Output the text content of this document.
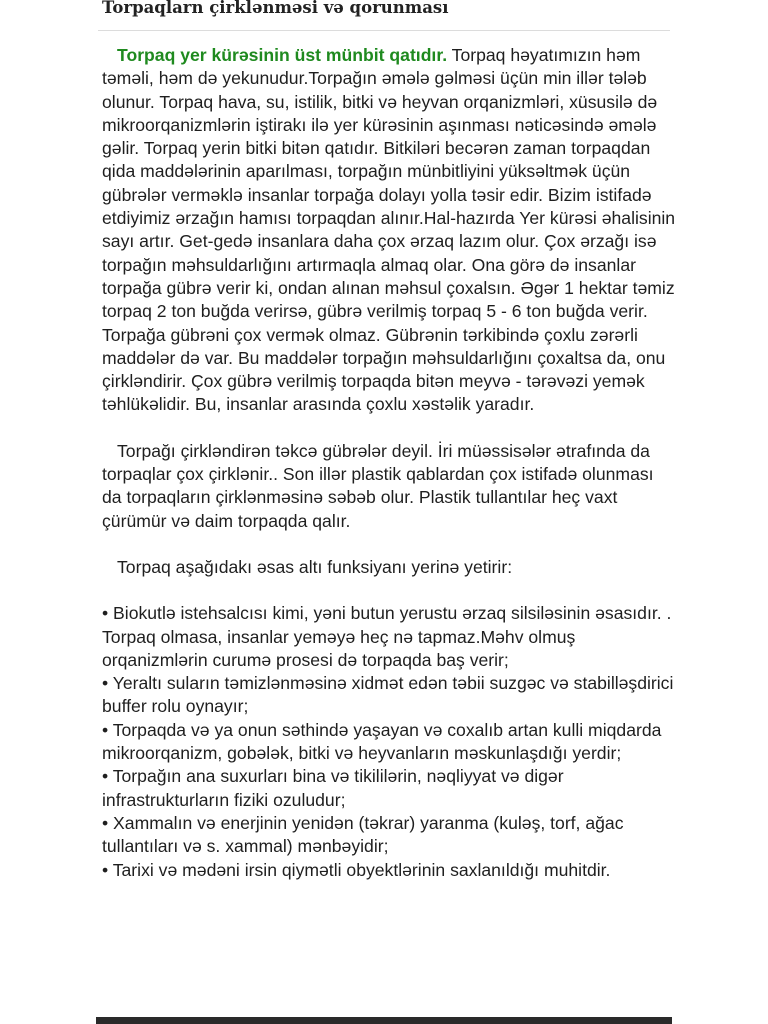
Torpaqlarn çirklənməsi və qorunması

Torpaq yer kürəsinin üst münbit qatıdır. Torpaq həyatımızın həm təməli, həm də yekunudur.Torpağın əmələ gəlməsi üçün min illər tələb olunur. Torpaq hava, su, istilik, bitki və heyvan orqanizmləri, xüsusilə də mikroorqanizmlərin iştirakı ilə yer kürəsinin aşınması nəticəsində əmələ gəlir. Torpaq yerin bitki bitən qatıdır. Bitkiləri becərən zaman torpaqdan qida maddələrinin aparılması, torpağın münbitliyini yüksəltmək üçün gübrələr verməklə insanlar torpağa dolayı yolla təsir edir. Bizim istifadə etdiyimiz ərzağın hamısı torpaqdan alınır.Hal-hazırda Yer kürəsi əhalisinin sayı artır. Get-gedə insanlara daha çox ərzaq lazım olur. Çox ərzağı isə torpağın məhsuldarlığını artırmaqla almaq olar. Ona görə də insanlar torpağa gübrə verir ki, ondan alınan məhsul çoxalsın. Əgər 1 hektar təmiz torpaq 2 ton buğda verirsə, gübrə verilmiş torpaq 5 - 6 ton buğda verir. Torpağa gübrəni çox vermək olmaz. Gübrənin tərkibində çoxlu zərərli maddələr də var. Bu maddələr torpağın məhsuldarlığını çoxaltsa da, onu çirkləndirir. Çox gübrə verilmiş torpaqda bitən meyvə - tərəvəzi yemək təhlükəlidir. Bu, insanlar arasında çoxlu xəstəlik yaradır.

Torpağı çirkləndirən təkcə gübrələr deyil. İri müəssisələr ətrafında da torpaqlar çox çirklənir.. Son illər plastik qablardan çox istifadə olunması da torpaqların çirklənməsinə səbəb olur. Plastik tullantılar heç vaxt çürümür və daim torpaqda qalır.

Torpaq aşağıdakı əsas altı funksiyanı yerinə yetirir:

• Biokutlə istehsalcısı kimi, yəni butun yerustu ərzaq silsiləsinin əsasıdır. . Torpaq olmasa, insanlar yeməyə heç nə tapmaz.Məhv olmuş orqanizmlərin curumə prosesi də torpaqda baş verir;

• Yeraltı suların təmizlənməsinə xidmət edən təbii suzgəc və stabilləşdirici buffer rolu oynayır;

• Torpaqda və ya onun səthində yaşayan və coxalıb artan kulli miqdarda mikroorqanizm, gobələk, bitki və heyvanların məskunlaşdığı yerdir;

• Torpağın ana suxurları bina və tikililərin, nəqliyyat və digər infrastrukturların fiziki ozuludur;

• Xammalın və enerjinin yenidən (təkrar) yaranma (kuləş, torf, ağac tullantıları və s. xammal) mənbəyidir;

• Tarixi və mədəni irsin qiymətli obyektlərinin saxlanıldığı muhitdir.
